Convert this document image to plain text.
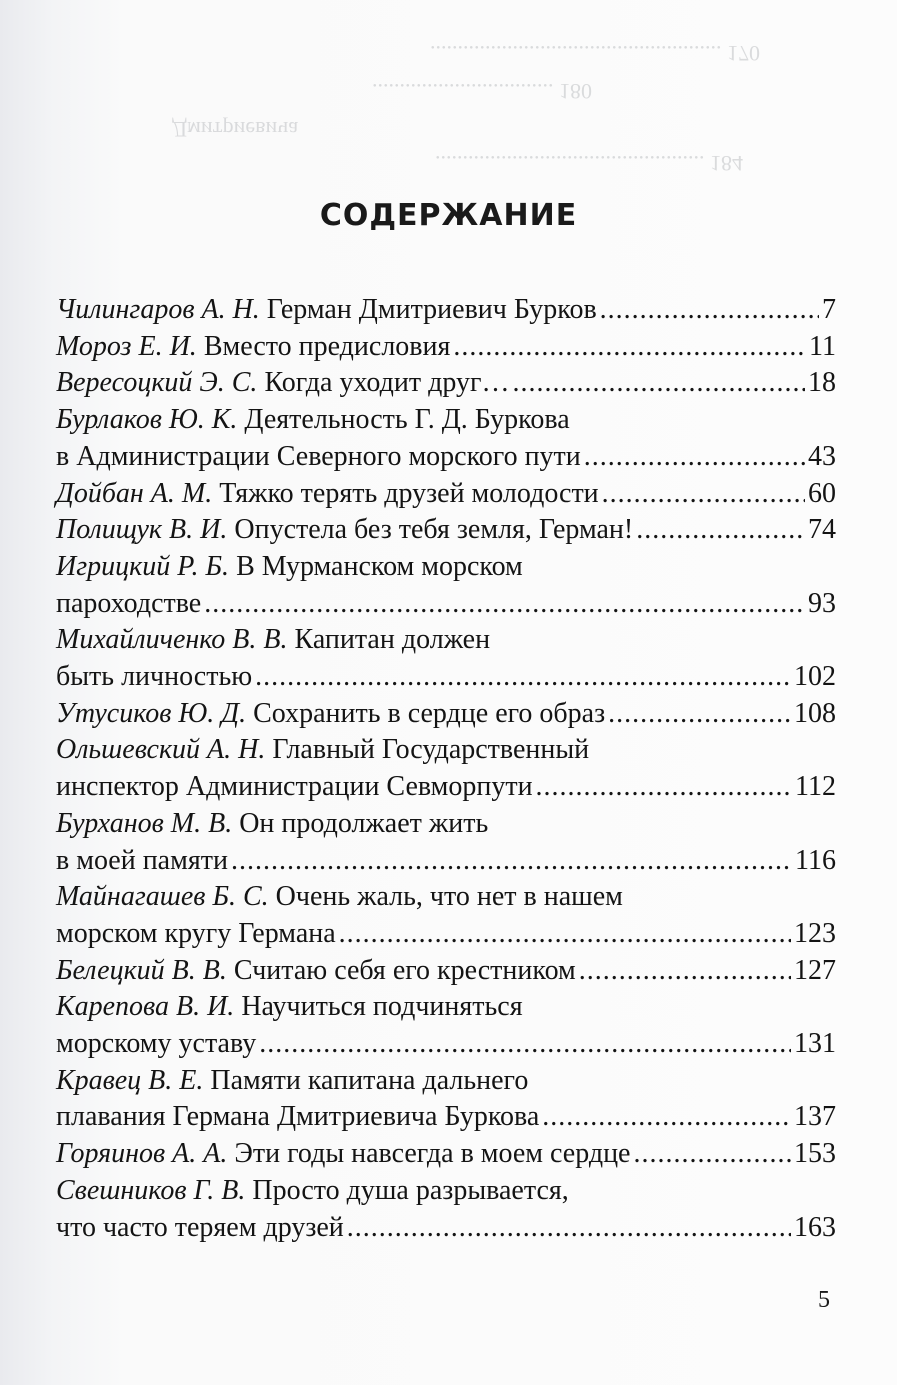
..................................................... 170
................................. 180
Дмитриевича
................................................. 184
СОДЕРЖАНИЕ
Чилингаров А. Н. Герман Дмитриевич Бурков .....	7
Мороз Е. И. Вместо предисловия .....	11
Вересоцкий Э. С. Когда уходит друг… .....	18
Бурлаков Ю. К. Деятельность Г. Д. Буркова
в Администрации Северного морского пути .....	43
Дойбан А. М. Тяжко терять друзей молодости .....	60
Полищук В. И. Опустела без тебя земля, Герман! .....	74
Игрицкий Р. Б. В Мурманском морском
пароходстве .....	93
Михайличенко В. В. Капитан должен
быть личностью .....	102
Утусиков Ю. Д. Сохранить в сердце его образ .....	108
Ольшевский А. Н. Главный Государственный
инспектор Администрации Севморпути .....	112
Бурханов М. В. Он продолжает жить
в моей памяти .....	116
Майнагашев Б. С. Очень жаль, что нет в нашем
морском кругу Германа .....	123
Белецкий В. В. Считаю себя его крестником .....	127
Карепова В. И. Научиться подчиняться
морскому уставу .....	131
Кравец В. Е. Памяти капитана дальнего
плавания Германа Дмитриевича Буркова .....	137
Горяинов А. А. Эти годы навсегда в моем сердце .....	153
Свешников Г. В. Просто душа разрывается,
что часто теряем друзей .....	163
5
